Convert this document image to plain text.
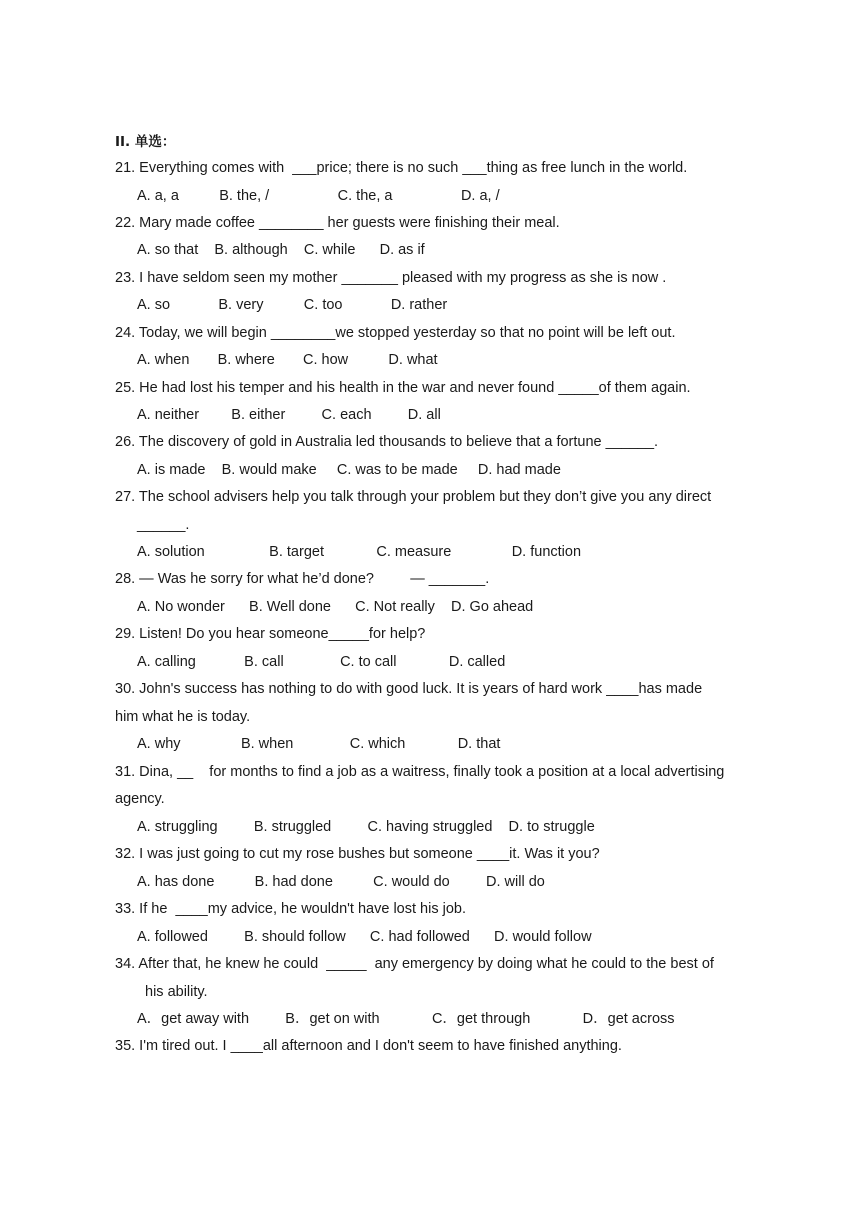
II. 单选：
21. Everything comes with  ___price; there is no such ___thing as free lunch in the world.
A. a, a          B. the, /                 C. the, a                 D. a, /
22. Mary made coffee ________ her guests were finishing their meal.
A. so that    B. although    C. while      D. as if
23. I have seldom seen my mother _______ pleased with my progress as she is now .
A. so            B. very          C. too            D. rather
24. Today, we will begin ________we stopped yesterday so that no point will be left out.
A. when       B. where       C. how          D. what
25. He had lost his temper and his health in the war and never found _____of them again.
A. neither        B. either         C. each         D. all
26. The discovery of gold in Australia led thousands to believe that a fortune ______.
A. is made    B. would make     C. was to be made     D. had made
27. The school advisers help you talk through your problem but they don’t give you any direct
______.
A. solution                B. target             C. measure               D. function
28. — Was he sorry for what he’d done?         — _______.
A. No wonder      B. Well done      C. Not really    D. Go ahead
29. Listen! Do you hear someone_____for help?
A. calling            B. call              C. to call             D. called
30. John's success has nothing to do with good luck. It is years of hard work ____has made
him what he is today.
A. why               B. when              C. which             D. that
31. Dina, __    for months to find a job as a waitress, finally took a position at a local advertising
agency.
A. struggling         B. struggled         C. having struggled    D. to struggle
32. I was just going to cut my rose bushes but someone ____it. Was it you?
A. has done          B. had done          C. would do         D. will do
33. If he  ____my advice, he wouldn't have lost his job.
A. followed         B. should follow      C. had followed      D. would follow
34. After that, he knew he could  _____  any emergency by doing what he could to the best of
his ability.
A．get away with         B．get on with             C．get through             D．get across
35. I'm tired out. I ____all afternoon and I don't seem to have finished anything.
